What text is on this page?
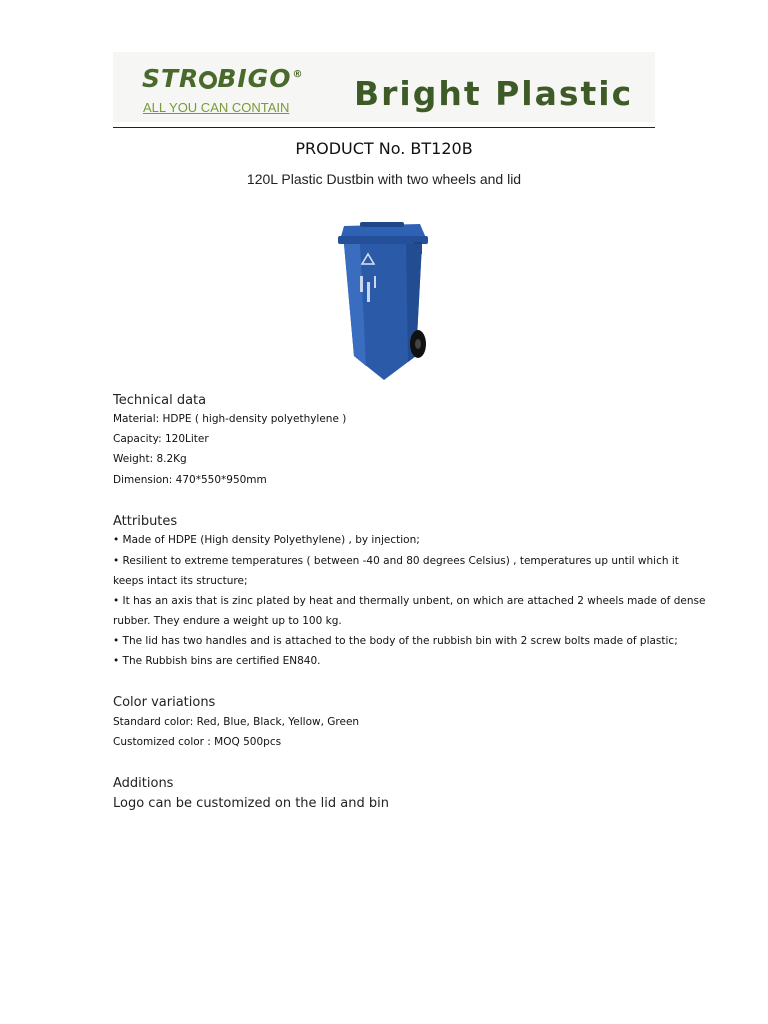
STR BIGO®
ALL YOU CAN CONTAIN Bright Plastic
PRODUCT No. BT120B
120L Plastic Dustbin with two wheels and lid
Technical data
Material: HDPE ( high-density polyethylene )
Capacity: 120Liter
Weight: 8.2Kg
Dimension: 470*550*950mm
Attributes
• Made of HDPE (High density Polyethylene) , by injection;
• Resilient to extreme temperatures ( between -40 and 80 degrees Celsius) , temperatures up until which it
keeps intact its structure;
• It has an axis that is zinc plated by heat and thermally unbent, on which are attached 2 wheels made of dense
rubber. They endure a weight up to 100 kg.
• The lid has two handles and is attached to the body of the rubbish bin with 2 screw bolts made of plastic;
• The Rubbish bins are certified EN840.
Color variations
Standard color: Red, Blue, Black, Yellow, Green
Customized color : MOQ 500pcs
Additions
Logo can be customized on the lid and bin
